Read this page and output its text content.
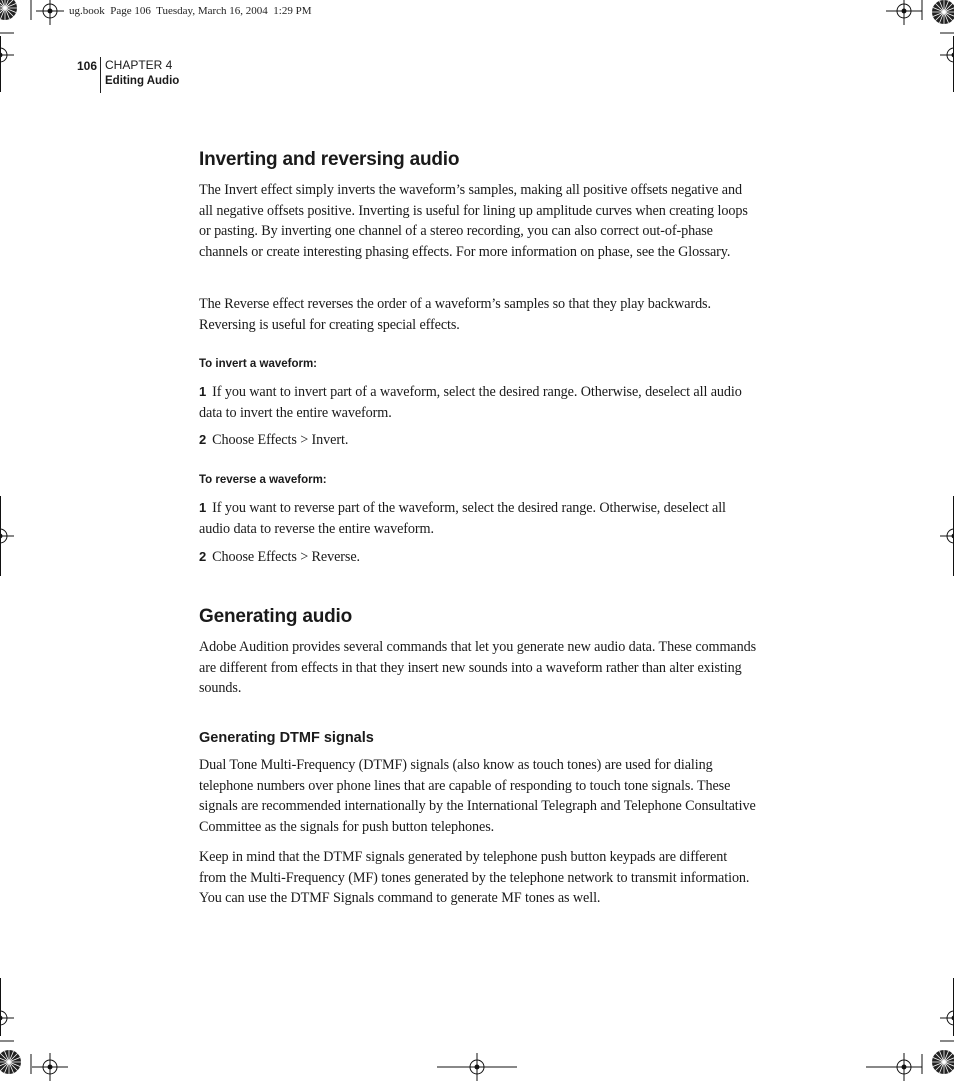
ug.book  Page 106  Tuesday, March 16, 2004  1:29 PM
106 CHAPTER 4
Editing Audio
Inverting and reversing audio

The Invert effect simply inverts the waveform’s samples, making all positive offsets negative and all negative offsets positive. Inverting is useful for lining up amplitude curves when creating loops or pasting. By inverting one channel of a stereo recording, you can also correct out-of-phase channels or create interesting phasing effects. For more information on phase, see the Glossary.

The Reverse effect reverses the order of a waveform’s samples so that they play backwards. Reversing is useful for creating special effects.

To invert a waveform:

1 If you want to invert part of a waveform, select the desired range. Otherwise, deselect all audio data to invert the entire waveform.

2 Choose Effects > Invert.

To reverse a waveform:

1 If you want to reverse part of the waveform, select the desired range. Otherwise, deselect all audio data to reverse the entire waveform.

2 Choose Effects > Reverse.

Generating audio

Adobe Audition provides several commands that let you generate new audio data. These commands are different from effects in that they insert new sounds into a waveform rather than alter existing sounds.

Generating DTMF signals

Dual Tone Multi-Frequency (DTMF) signals (also know as touch tones) are used for dialing telephone numbers over phone lines that are capable of responding to touch tone signals. These signals are recommended internationally by the International Telegraph and Telephone Consultative Committee as the signals for push button telephones.

Keep in mind that the DTMF signals generated by telephone push button keypads are different from the Multi-Frequency (MF) tones generated by the telephone network to transmit information. You can use the DTMF Signals command to generate MF tones as well.
